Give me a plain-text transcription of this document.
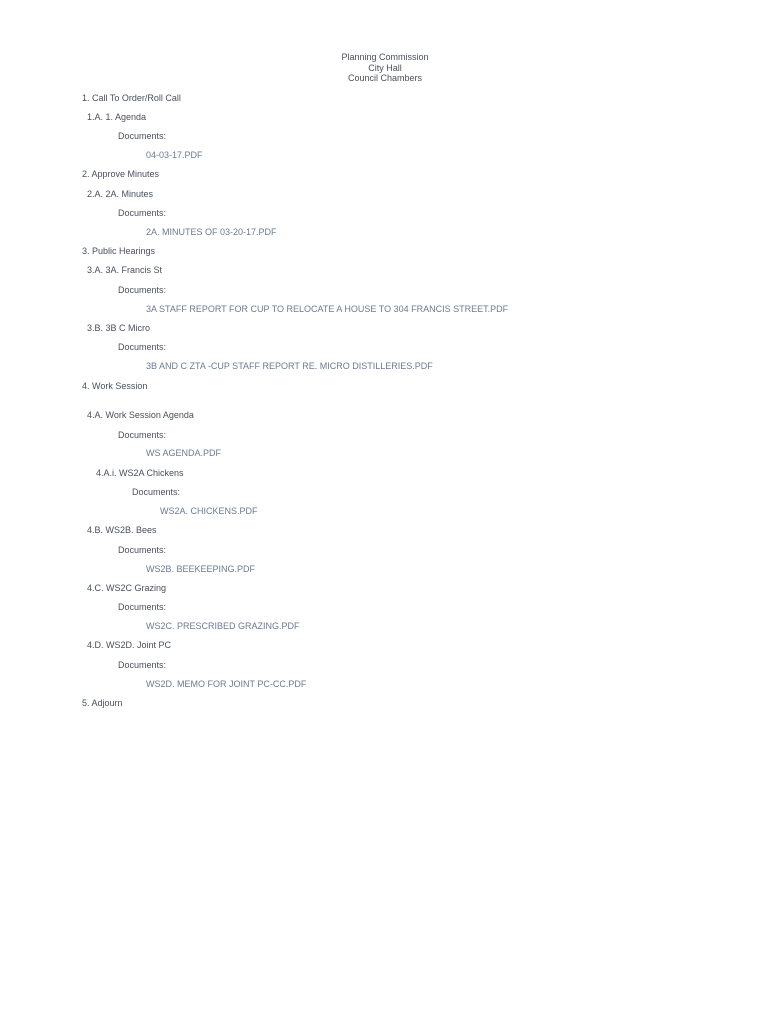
Planning Commission
City Hall
Council Chambers
1. Call To Order/Roll Call
1.A. 1. Agenda
Documents:
04-03-17.PDF
2. Approve Minutes
2.A. 2A. Minutes
Documents:
2A. MINUTES OF 03-20-17.PDF
3. Public Hearings
3.A. 3A. Francis St
Documents:
3A STAFF REPORT FOR CUP TO RELOCATE A HOUSE TO 304 FRANCIS STREET.PDF
3.B. 3B C Micro
Documents:
3B AND C ZTA -CUP STAFF REPORT RE. MICRO DISTILLERIES.PDF
4. Work Session
4.A. Work Session Agenda
Documents:
WS AGENDA.PDF
4.A.i. WS2A Chickens
Documents:
WS2A. CHICKENS.PDF
4.B. WS2B. Bees
Documents:
WS2B. BEEKEEPING.PDF
4.C. WS2C Grazing
Documents:
WS2C. PRESCRIBED GRAZING.PDF
4.D. WS2D. Joint PC
Documents:
WS2D. MEMO FOR JOINT PC-CC.PDF
5. Adjourn
